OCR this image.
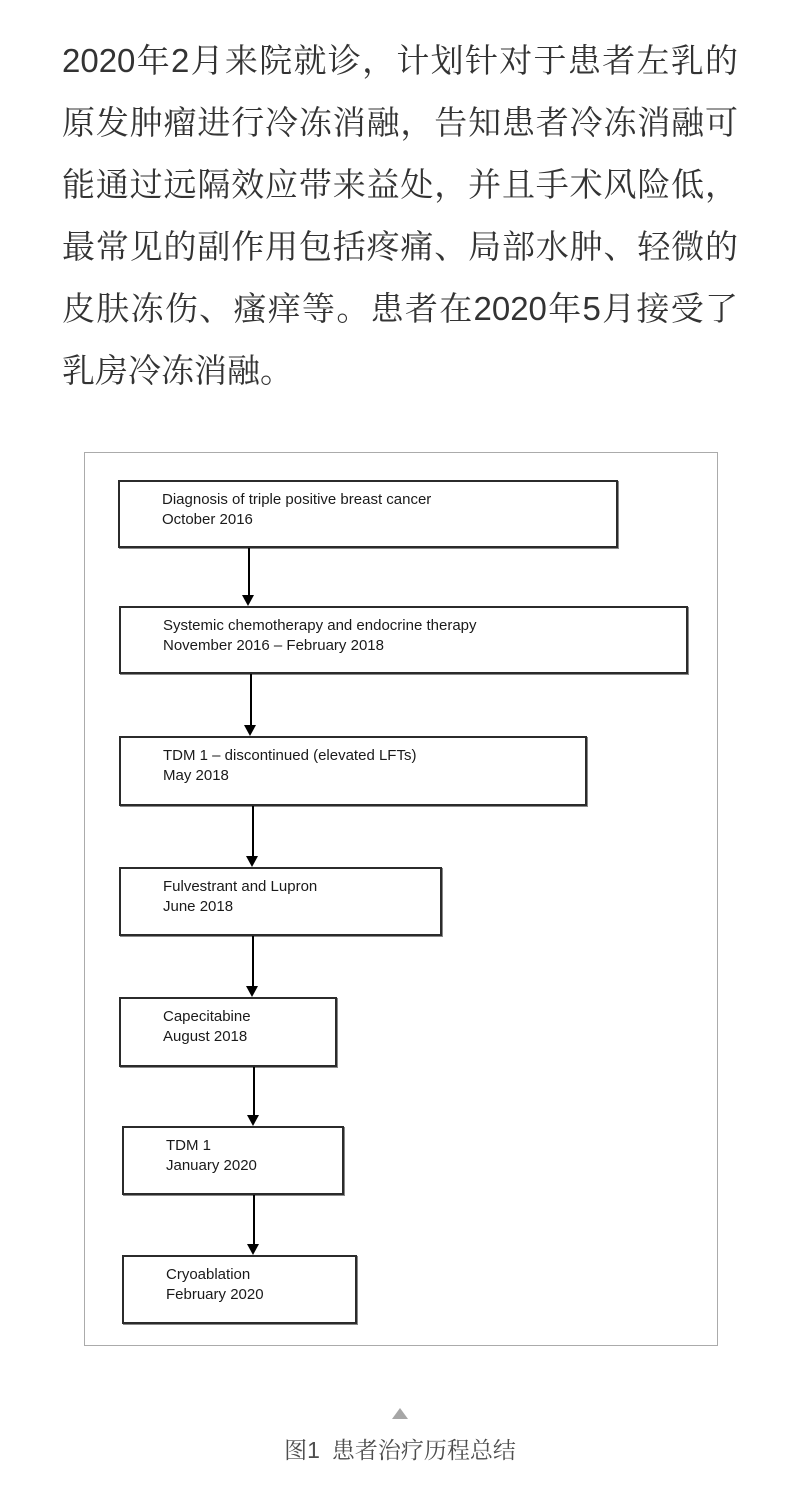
2020年2月来院就诊，计划针对于患者左乳的
原发肿瘤进行冷冻消融，告知患者冷冻消融可
能通过远隔效应带来益处，并且手术风险低，
最常见的副作用包括疼痛、局部水肿、轻微的
皮肤冻伤、瘙痒等。患者在2020年5月接受了
乳房冷冻消融。
Diagnosis of triple positive breast cancer
October 2016
Systemic chemotherapy and endocrine therapy
November 2016 – February 2018
TDM 1 – discontinued (elevated LFTs)
May 2018
Fulvestrant and Lupron
June 2018
Capecitabine
August 2018
TDM 1
January 2020
Cryoablation
February 2020
图1 患者治疗历程总结
